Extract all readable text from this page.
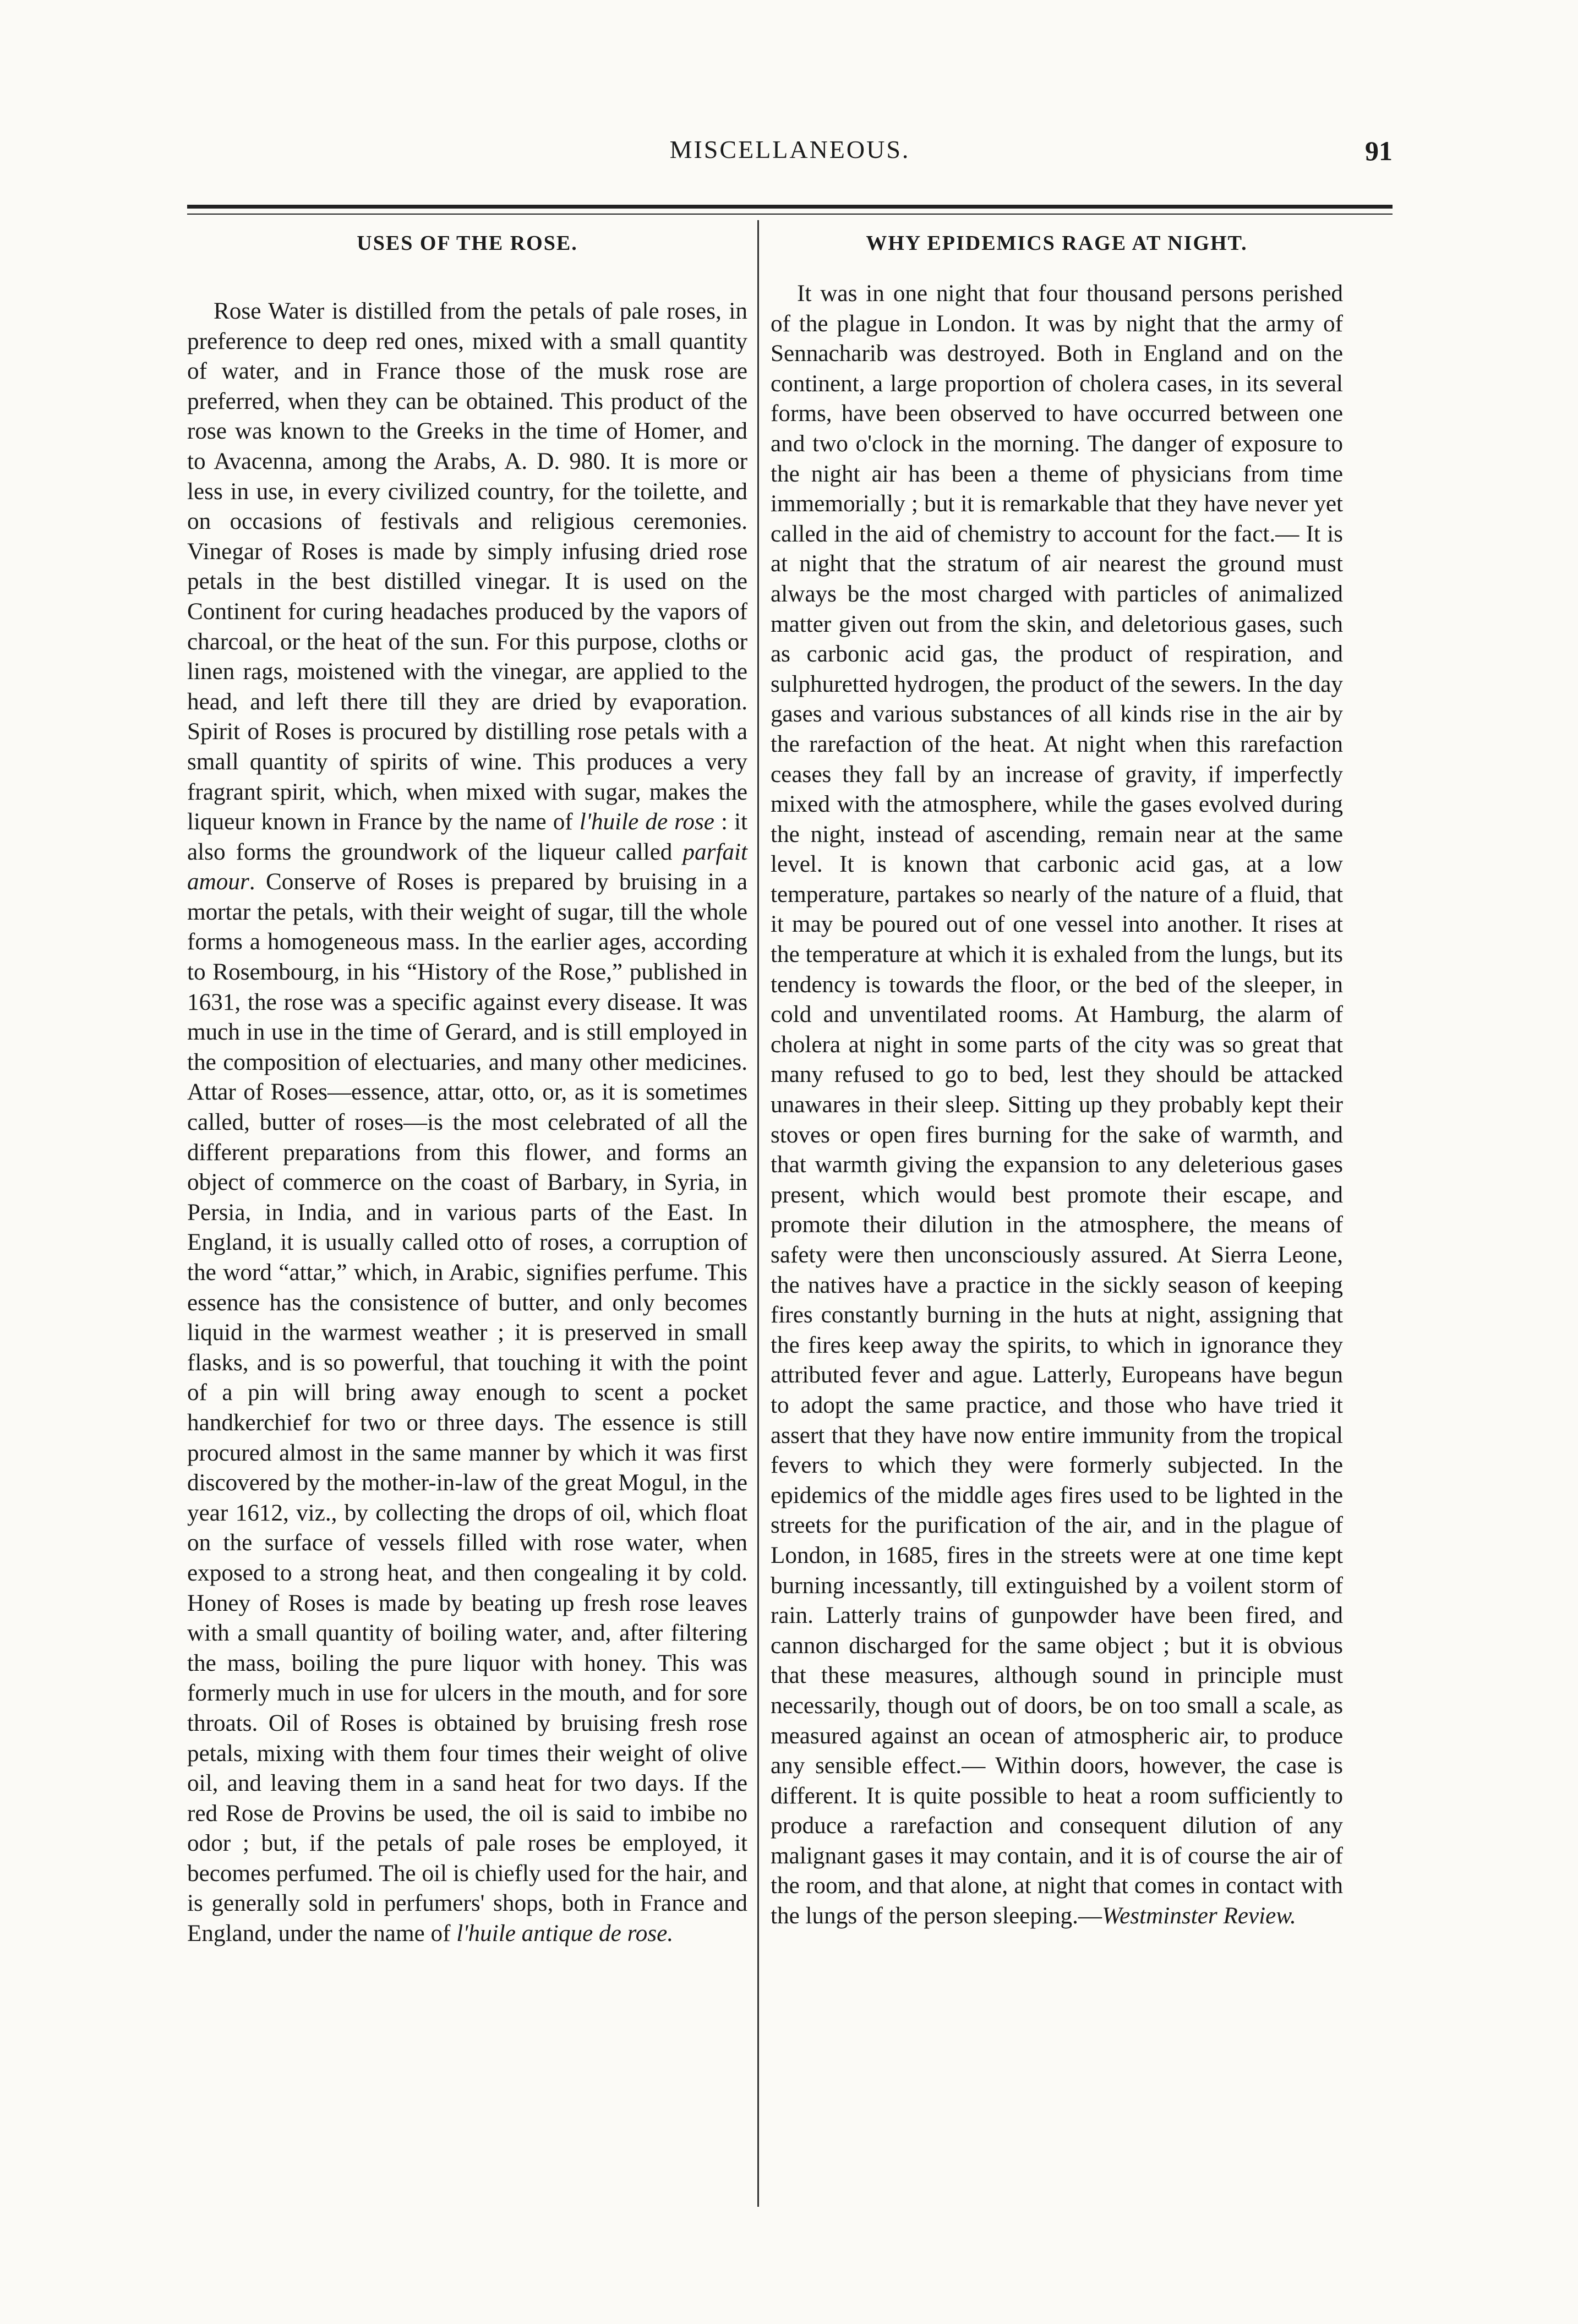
MISCELLANEOUS.	91
USES OF THE ROSE.

Rose Water is distilled from the petals of pale roses, in preference to deep red ones, mixed with a small quantity of water, and in France those of the musk rose are preferred, when they can be obtained. This product of the rose was known to the Greeks in the time of Homer, and to Avacenna, among the Arabs, A. D. 980. It is more or less in use, in every civilized country, for the toilette, and on occasions of festivals and religious ceremonies. Vinegar of Roses is made by simply infusing dried rose petals in the best distilled vinegar. It is used on the Continent for curing headaches produced by the vapors of charcoal, or the heat of the sun. For this purpose, cloths or linen rags, moistened with the vinegar, are applied to the head, and left there till they are dried by evaporation. Spirit of Roses is procured by distilling rose petals with a small quantity of spirits of wine. This produces a very fragrant spirit, which, when mixed with sugar, makes the liqueur known in France by the name of l'huile de rose : it also forms the groundwork of the liqueur called parfait amour. Conserve of Roses is prepared by bruising in a mortar the petals, with their weight of sugar, till the whole forms a homogeneous mass. In the earlier ages, according to Rosembourg, in his “History of the Rose,” published in 1631, the rose was a specific against every disease. It was much in use in the time of Gerard, and is still employed in the composition of electuaries, and many other medicines. Attar of Roses—essence, attar, otto, or, as it is sometimes called, butter of roses—is the most celebrated of all the different preparations from this flower, and forms an object of commerce on the coast of Barbary, in Syria, in Persia, in India, and in various parts of the East. In England, it is usually called otto of roses, a corruption of the word “attar,” which, in Arabic, signifies perfume. This essence has the consistence of butter, and only becomes liquid in the warmest weather ; it is preserved in small flasks, and is so powerful, that touching it with the point of a pin will bring away enough to scent a pocket handkerchief for two or three days. The essence is still procured almost in the same manner by which it was first discovered by the mother-in-law of the great Mogul, in the year 1612, viz., by collecting the drops of oil, which float on the surface of vessels filled with rose water, when exposed to a strong heat, and then congealing it by cold. Honey of Roses is made by beating up fresh rose leaves with a small quantity of boiling water, and, after filtering the mass, boiling the pure liquor with honey. This was formerly much in use for ulcers in the mouth, and for sore throats. Oil of Roses is obtained by bruising fresh rose petals, mixing with them four times their weight of olive oil, and leaving them in a sand heat for two days. If the red Rose de Provins be used, the oil is said to imbibe no odor ; but, if the petals of pale roses be employed, it becomes perfumed. The oil is chiefly used for the hair, and is generally sold in perfumers' shops, both in France and England, under the name of l'huile antique de rose.

WHY EPIDEMICS RAGE AT NIGHT.

It was in one night that four thousand persons perished of the plague in London. It was by night that the army of Sennacharib was destroyed. Both in England and on the continent, a large proportion of cholera cases, in its several forms, have been observed to have occurred between one and two o'clock in the morning. The danger of exposure to the night air has been a theme of physicians from time immemorially ; but it is remarkable that they have never yet called in the aid of chemistry to account for the fact.— It is at night that the stratum of air nearest the ground must always be the most charged with particles of animalized matter given out from the skin, and deletorious gases, such as carbonic acid gas, the product of respiration, and sulphuretted hydrogen, the product of the sewers. In the day gases and various substances of all kinds rise in the air by the rarefaction of the heat. At night when this rarefaction ceases they fall by an increase of gravity, if imperfectly mixed with the atmosphere, while the gases evolved during the night, instead of ascending, remain near at the same level. It is known that carbonic acid gas, at a low temperature, partakes so nearly of the nature of a fluid, that it may be poured out of one vessel into another. It rises at the temperature at which it is exhaled from the lungs, but its tendency is towards the floor, or the bed of the sleeper, in cold and unventilated rooms. At Hamburg, the alarm of cholera at night in some parts of the city was so great that many refused to go to bed, lest they should be attacked unawares in their sleep. Sitting up they probably kept their stoves or open fires burning for the sake of warmth, and that warmth giving the expansion to any deleterious gases present, which would best promote their escape, and promote their dilution in the atmosphere, the means of safety were then unconsciously assured. At Sierra Leone, the natives have a practice in the sickly season of keeping fires constantly burning in the huts at night, assigning that the fires keep away the spirits, to which in ignorance they attributed fever and ague. Latterly, Europeans have begun to adopt the same practice, and those who have tried it assert that they have now entire immunity from the tropical fevers to which they were formerly subjected. In the epidemics of the middle ages fires used to be lighted in the streets for the purification of the air, and in the plague of London, in 1685, fires in the streets were at one time kept burning incessantly, till extinguished by a voilent storm of rain. Latterly trains of gunpowder have been fired, and cannon discharged for the same object ; but it is obvious that these measures, although sound in principle must necessarily, though out of doors, be on too small a scale, as measured against an ocean of atmospheric air, to produce any sensible effect.— Within doors, however, the case is different. It is quite possible to heat a room sufficiently to produce a rarefaction and consequent dilution of any malignant gases it may contain, and it is of course the air of the room, and that alone, at night that comes in contact with the lungs of the person sleeping.—Westminster Review.
